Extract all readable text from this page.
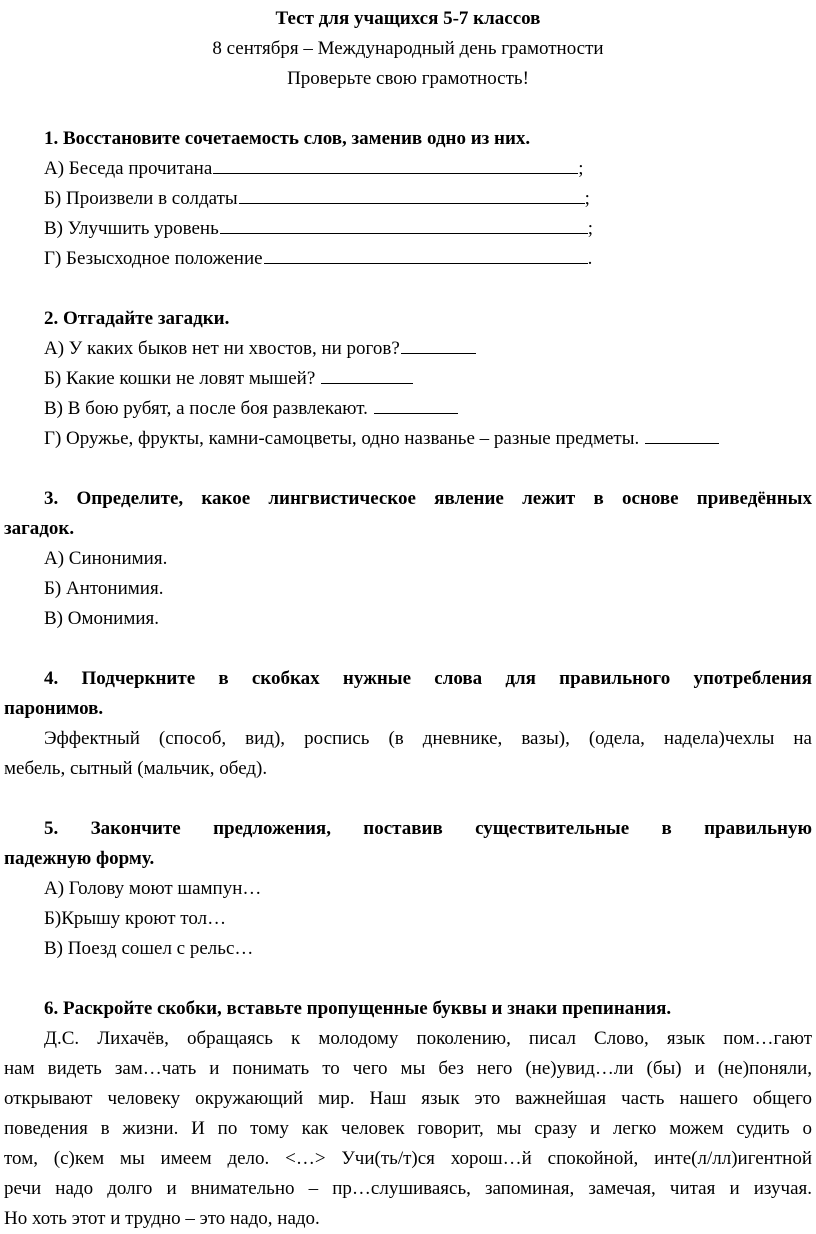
Тест для учащихся 5-7 классов
8 сентября – Международный день грамотности
Проверьте свою грамотность!
1. Восстановите сочетаемость слов, заменив одно из них.
А) Беседа прочитана	;
Б) Произвели в солдаты	;
В) Улучшить уровень	;
Г) Безысходное положение	.
2. Отгадайте загадки.
А) У каких быков нет ни хвостов, ни рогов?
Б) Какие кошки не ловят мышей?
В) В бою рубят, а после боя развлекают.
Г) Оружье, фрукты, камни-самоцветы, одно названье – разные предметы.
3. Определите, какое лингвистическое явление лежит в основе приведённых
загадок.
А) Синонимия.
Б) Антонимия.
В) Омонимия.
4. Подчеркните в скобках нужные слова для правильного употребления
паронимов.
Эффектный (способ, вид), роспись (в дневнике, вазы), (одела, надела)чехлы на
мебель, сытный (мальчик, обед).
5. Закончите предложения, поставив существительные в правильную
падежную форму.
А) Голову моют шампун…
Б)Крышу кроют тол…
В) Поезд сошел с рельс…
6. Раскройте скобки, вставьте пропущенные буквы и знаки препинания.
Д.С. Лихачёв, обращаясь к молодому поколению, писал Слово, язык пом…гают
нам видеть зам…чать и понимать то чего мы без него (не)увид…ли (бы) и (не)поняли,
открывают человеку окружающий мир. Наш язык это важнейшая часть нашего общего
поведения в жизни. И по тому как человек говорит, мы сразу и легко можем судить о
том, (с)кем мы имеем дело. <…> Учи(ть/т)ся хорош…й спокойной, инте(л/лл)игентной
речи надо долго и внимательно – пр…слушиваясь, запоминая, замечая, читая и изучая.
Но хоть этот и трудно – это надо, надо.
